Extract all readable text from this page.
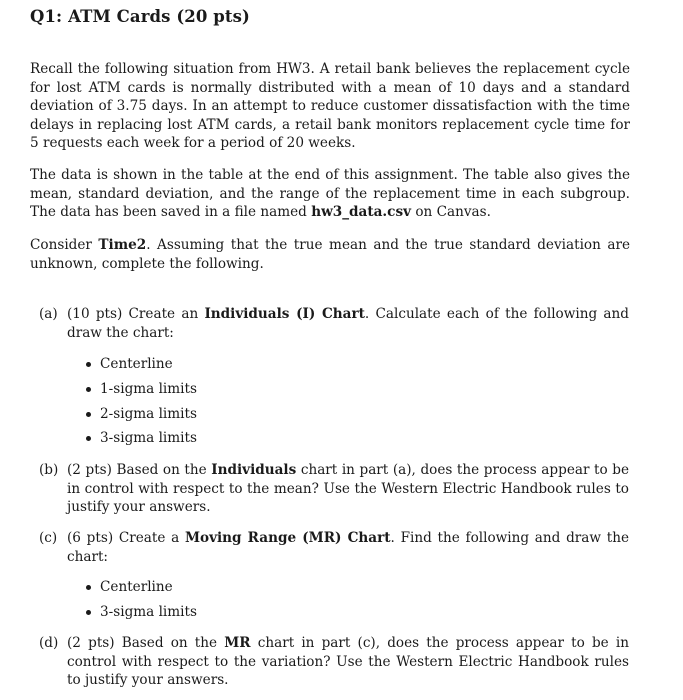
Q1: ATM Cards (20 pts)

Recall the following situation from HW3. A retail bank believes the replacement cycle for lost ATM cards is normally distributed with a mean of 10 days and a standard deviation of 3.75 days. In an attempt to reduce customer dissatisfaction with the time delays in replacing lost ATM cards, a retail bank monitors replacement cycle time for 5 requests each week for a period of 20 weeks.

The data is shown in the table at the end of this assignment. The table also gives the mean, standard deviation, and the range of the replacement time in each subgroup. The data has been saved in a file named hw3_data.csv on Canvas.

Consider Time2. Assuming that the true mean and the true standard deviation are unknown, complete the following.

(a) (10 pts) Create an Individuals (I) Chart. Calculate each of the following and draw the chart:
Centerline
1-sigma limits
2-sigma limits
3-sigma limits
(b) (2 pts) Based on the Individuals chart in part (a), does the process appear to be in control with respect to the mean? Use the Western Electric Handbook rules to justify your answers.
(c) (6 pts) Create a Moving Range (MR) Chart. Find the following and draw the chart:
Centerline
3-sigma limits
(d) (2 pts) Based on the MR chart in part (c), does the process appear to be in control with respect to the variation? Use the Western Electric Handbook rules to justify your answers.
